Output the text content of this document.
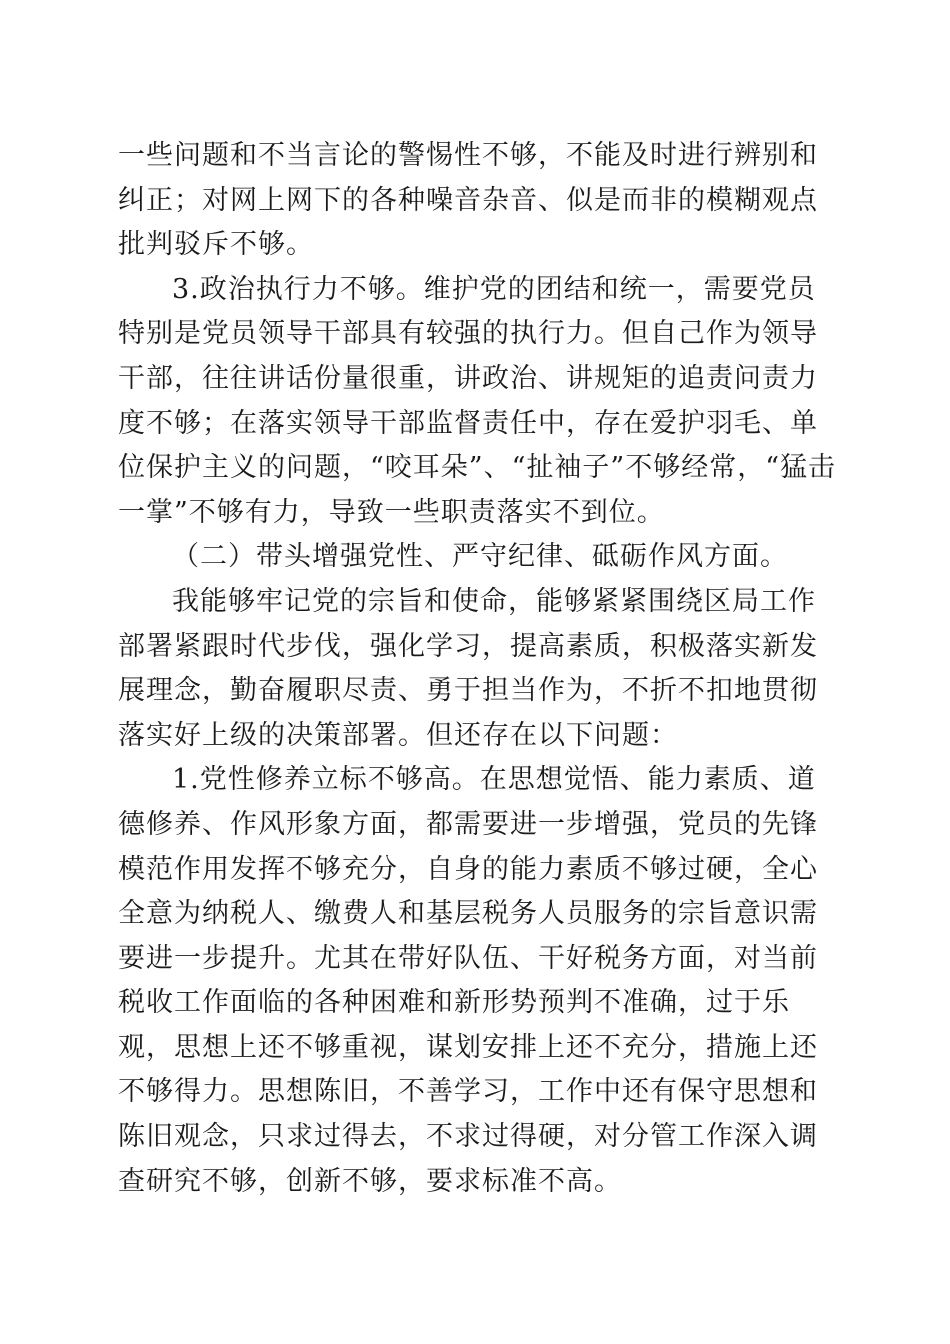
一些问题和不当言论的警惕性不够，不能及时进行辨别和纠正；对网上网下的各种噪音杂音、似是而非的模糊观点批判驳斥不够。

3.政治执行力不够。维护党的团结和统一，需要党员特别是党员领导干部具有较强的执行力。但自己作为领导干部，往往讲话份量很重，讲政治、讲规矩的追责问责力度不够；在落实领导干部监督责任中，存在爱护羽毛、单位保护主义的问题，“咬耳朵”、“扯袖子”不够经常，“猛击一掌”不够有力，导致一些职责落实不到位。

（二）带头增强党性、严守纪律、砥砺作风方面。

我能够牢记党的宗旨和使命，能够紧紧围绕区局工作部署紧跟时代步伐，强化学习，提高素质，积极落实新发展理念，勤奋履职尽责、勇于担当作为，不折不扣地贯彻落实好上级的决策部署。但还存在以下问题：

1.党性修养立标不够高。在思想觉悟、能力素质、道德修养、作风形象方面，都需要进一步增强，党员的先锋模范作用发挥不够充分，自身的能力素质不够过硬，全心全意为纳税人、缴费人和基层税务人员服务的宗旨意识需要进一步提升。尤其在带好队伍、干好税务方面，对当前税收工作面临的各种困难和新形势预判不准确，过于乐观，思想上还不够重视，谋划安排上还不充分，措施上还不够得力。思想陈旧，不善学习，工作中还有保守思想和陈旧观念，只求过得去，不求过得硬，对分管工作深入调查研究不够，创新不够，要求标准不高。
